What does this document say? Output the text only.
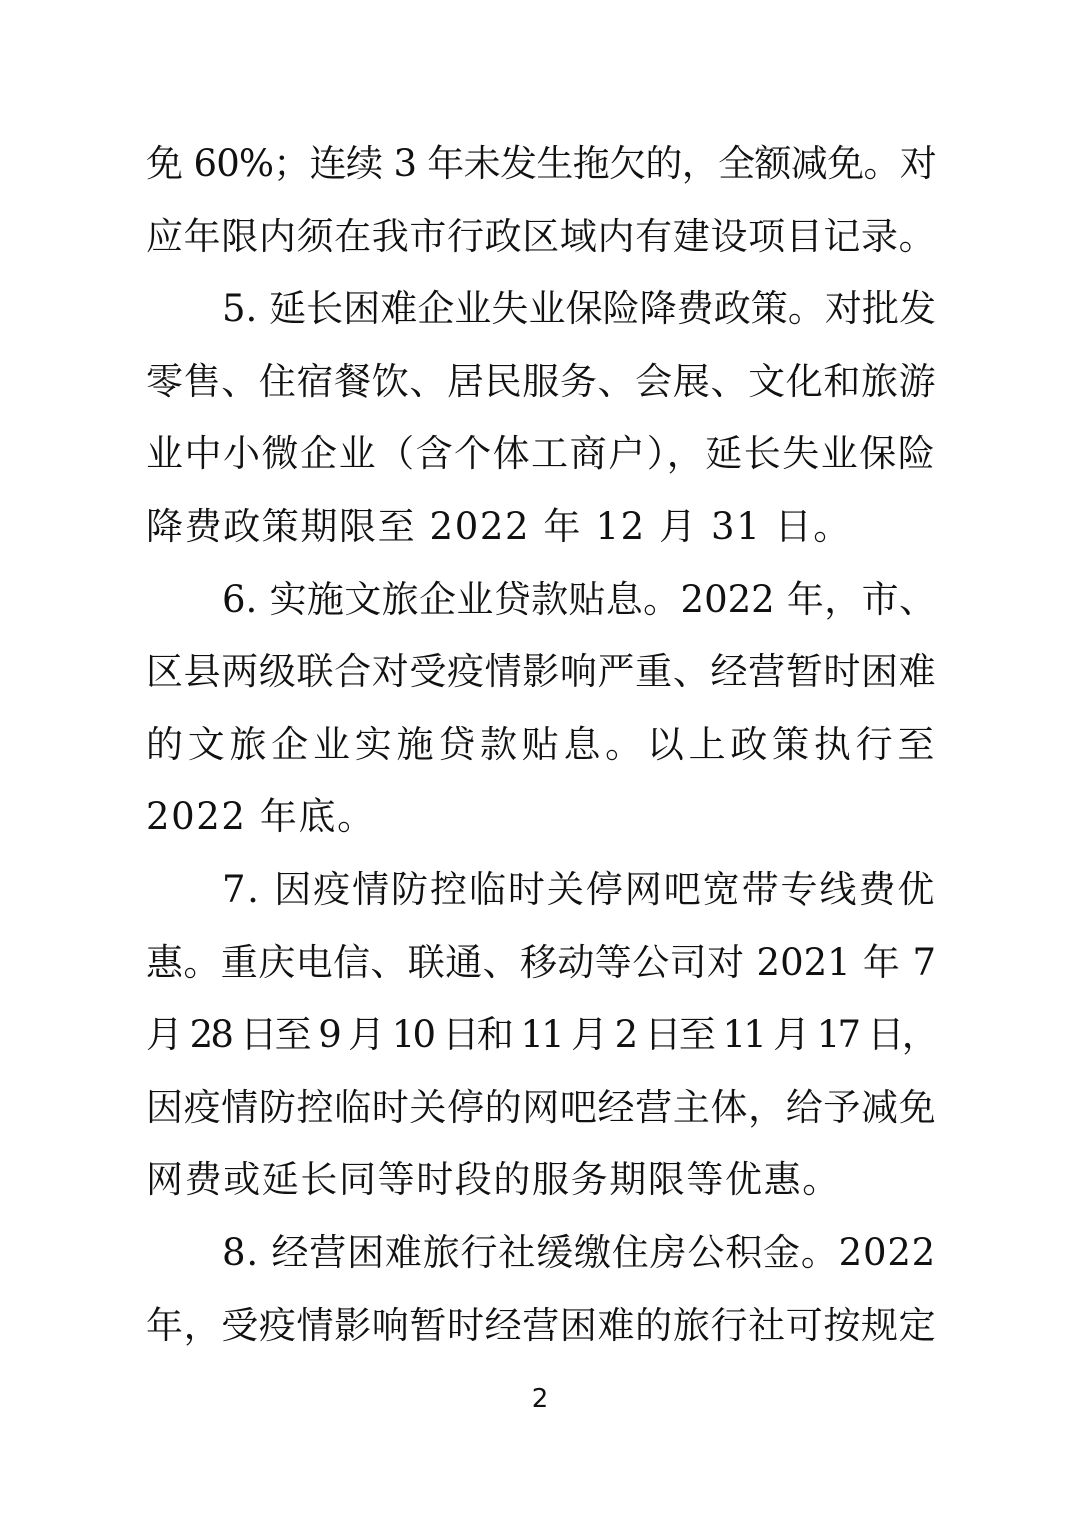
免 60%；连续 3 年未发生拖欠的，全额减免。对
应年限内须在我市行政区域内有建设项目记录。
5. 延长困难企业失业保险降费政策。对批发
零售、住宿餐饮、居民服务、会展、文化和旅游
业中小微企业（含个体工商户），延长失业保险
降费政策期限至 2022 年 12 月 31 日。
6. 实施文旅企业贷款贴息。2022 年，市、
区县两级联合对受疫情影响严重、经营暂时困难
的文旅企业实施贷款贴息。以上政策执行至
2022 年底。
7. 因疫情防控临时关停网吧宽带专线费优
惠。重庆电信、联通、移动等公司对 2021 年 7
月 28 日至 9 月 10 日和 11 月 2 日至 11 月 17 日，
因疫情防控临时关停的网吧经营主体，给予减免
网费或延长同等时段的服务期限等优惠。
8. 经营困难旅行社缓缴住房公积金。2022
年，受疫情影响暂时经营困难的旅行社可按规定
2
